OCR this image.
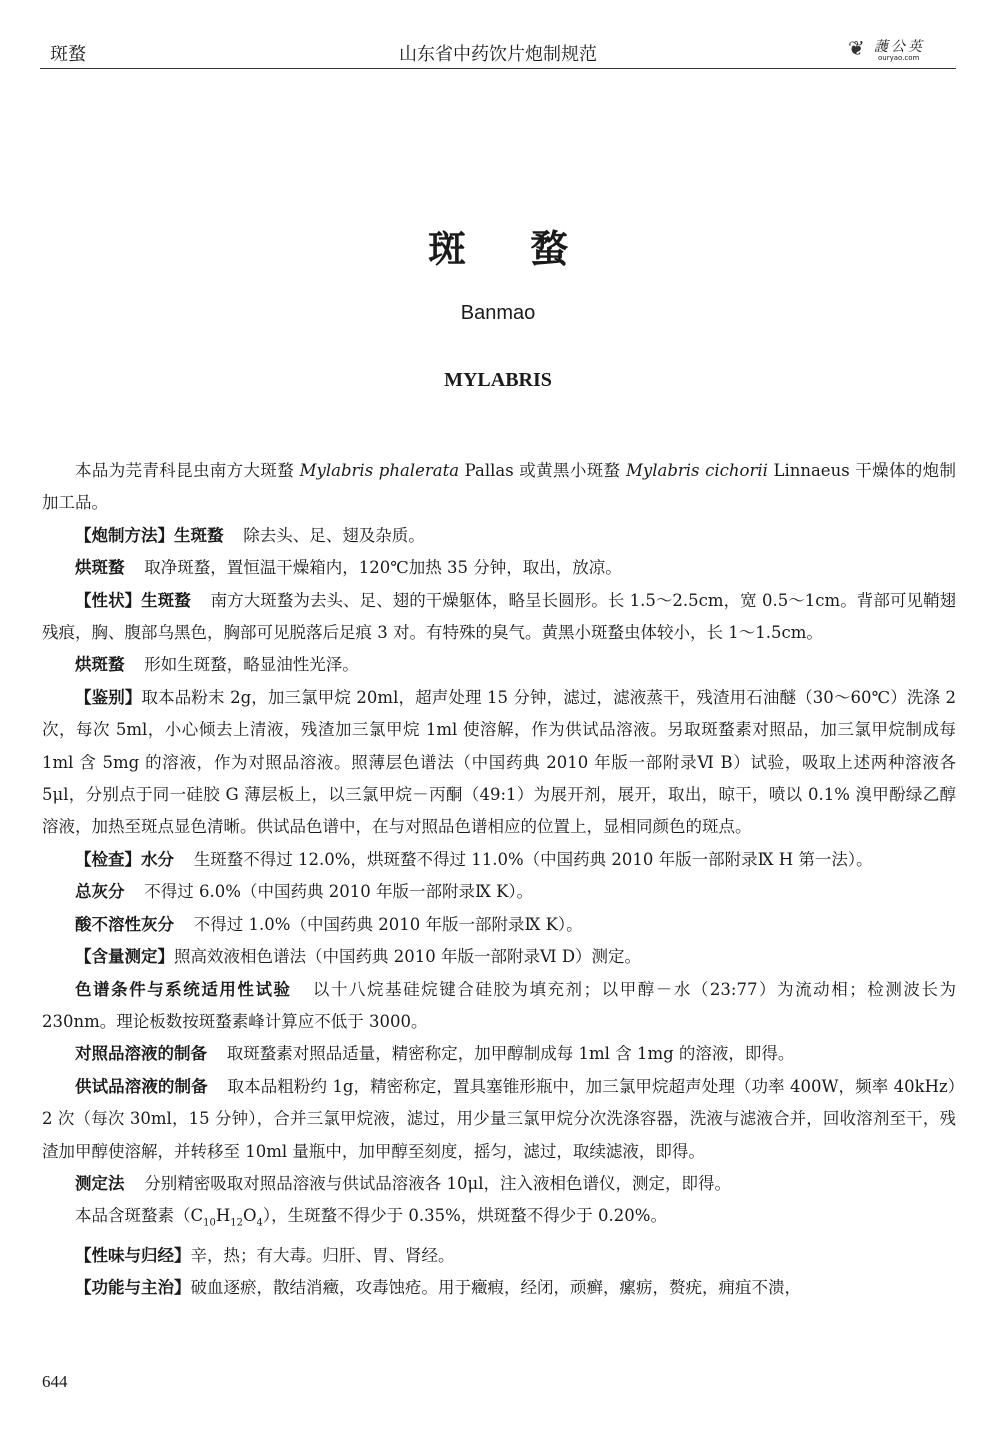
斑蝥	山东省中药饮片炮制规范	❦ 䕶公英
ouryao.com
斑蝥
Banmao
MYLABRIS

本品为芫青科昆虫南方大斑蝥 Mylabris phalerata Pallas 或黄黑小斑蝥 Mylabris cichorii Linnaeus 干燥体的炮制加工品。

【炮制方法】生斑蝥 除去头、足、翅及杂质。

烘斑蝥 取净斑蝥，置恒温干燥箱内，120℃加热 35 分钟，取出，放凉。

【性状】生斑蝥 南方大斑蝥为去头、足、翅的干燥躯体，略呈长圆形。长 1.5～2.5cm，宽 0.5～1cm。背部可见鞘翅残痕，胸、腹部乌黑色，胸部可见脱落后足痕 3 对。有特殊的臭气。黄黑小斑蝥虫体较小，长 1～1.5cm。

烘斑蝥 形如生斑蝥，略显油性光泽。

【鉴别】取本品粉末 2g，加三氯甲烷 20ml，超声处理 15 分钟，滤过，滤液蒸干，残渣用石油醚（30～60℃）洗涤 2 次，每次 5ml，小心倾去上清液，残渣加三氯甲烷 1ml 使溶解，作为供试品溶液。另取斑蝥素对照品，加三氯甲烷制成每 1ml 含 5mg 的溶液，作为对照品溶液。照薄层色谱法（中国药典 2010 年版一部附录Ⅵ B）试验，吸取上述两种溶液各 5μl，分别点于同一硅胶 G 薄层板上，以三氯甲烷－丙酮（49:1）为展开剂，展开，取出，晾干，喷以 0.1% 溴甲酚绿乙醇溶液，加热至斑点显色清晰。供试品色谱中，在与对照品色谱相应的位置上，显相同颜色的斑点。

【检查】水分 生斑蝥不得过 12.0%，烘斑蝥不得过 11.0%（中国药典 2010 年版一部附录Ⅸ H 第一法）。

总灰分 不得过 6.0%（中国药典 2010 年版一部附录Ⅸ K）。

酸不溶性灰分 不得过 1.0%（中国药典 2010 年版一部附录Ⅸ K）。

【含量测定】照高效液相色谱法（中国药典 2010 年版一部附录Ⅵ D）测定。

色谱条件与系统适用性试验 以十八烷基硅烷键合硅胶为填充剂；以甲醇－水（23:77）为流动相；检测波长为 230nm。理论板数按斑蝥素峰计算应不低于 3000。

对照品溶液的制备 取斑蝥素对照品适量，精密称定，加甲醇制成每 1ml 含 1mg 的溶液，即得。

供试品溶液的制备 取本品粗粉约 1g，精密称定，置具塞锥形瓶中，加三氯甲烷超声处理（功率 400W，频率 40kHz）2 次（每次 30ml，15 分钟），合并三氯甲烷液，滤过，用少量三氯甲烷分次洗涤容器，洗液与滤液合并，回收溶剂至干，残渣加甲醇使溶解，并转移至 10ml 量瓶中，加甲醇至刻度，摇匀，滤过，取续滤液，即得。

测定法 分别精密吸取对照品溶液与供试品溶液各 10μl，注入液相色谱仪，测定，即得。

本品含斑蝥素$(C_{10}H_{12}O_4)$，生斑蝥不得少于 0.35%，烘斑蝥不得少于 0.20%。

【性味与归经】辛，热；有大毒。归肝、胃、肾经。

【功能与主治】破血逐瘀，散结消癥，攻毒蚀疮。用于癥瘕，经闭，顽癣，瘰疬，赘疣，痈疽不溃，

644
